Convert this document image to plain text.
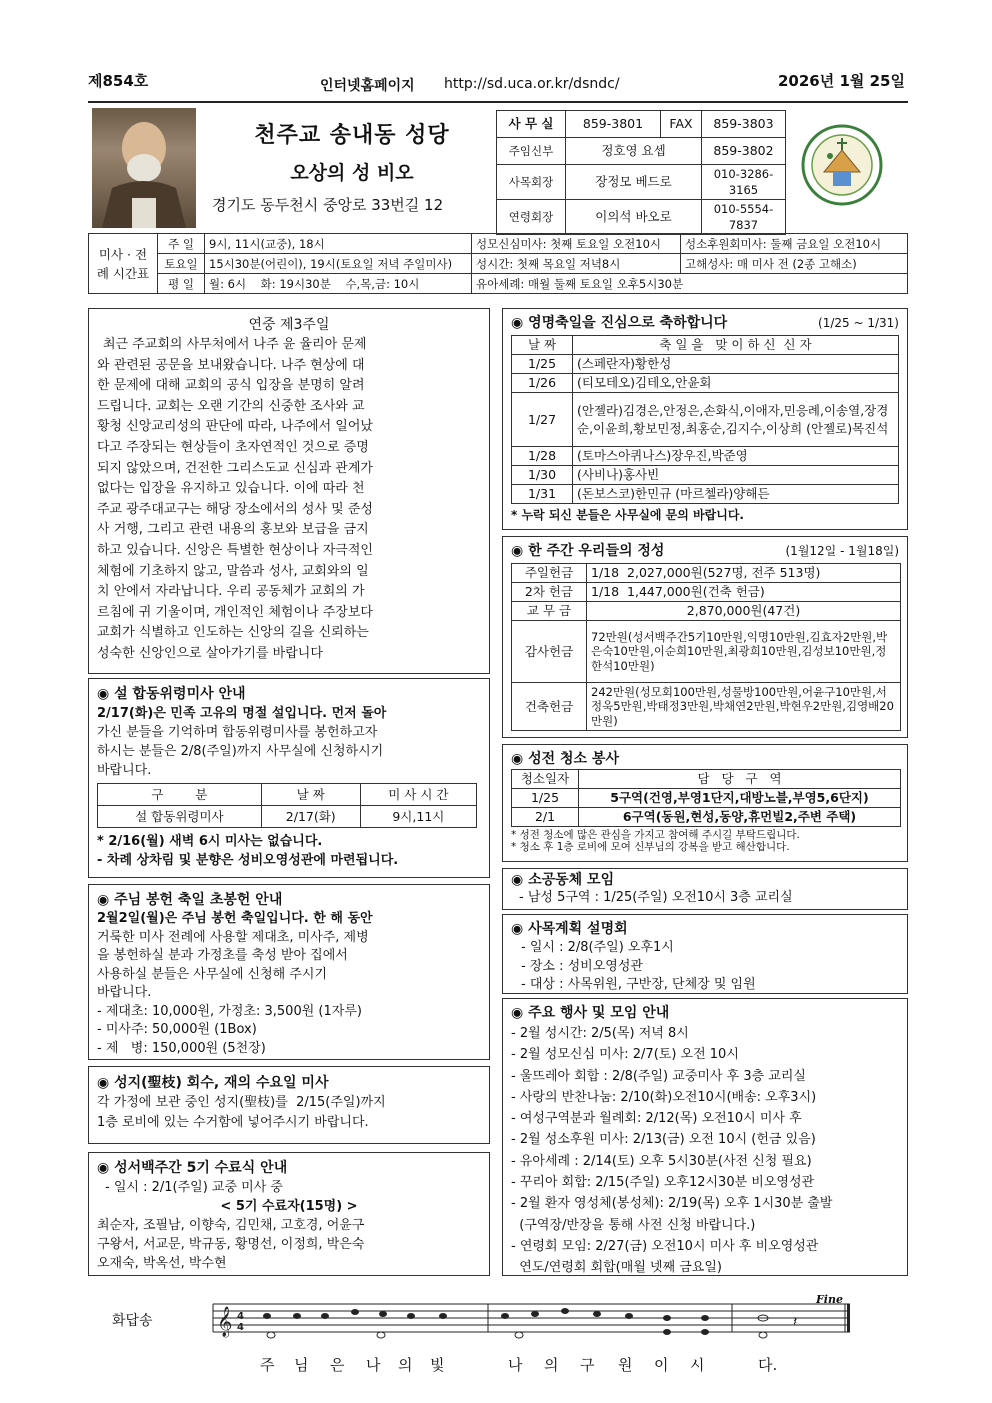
제854호	인터넷홈페이지 http://sd.uca.or.kr/dsndc/	2026년 1월 25일
천주교 송내동 성당
오상의 성 비오
경기도 동두천시 중앙로 33번길 12
사 무 실	859-3801	FAX	859-3803
주임신부	정호영 요셉		859-3802
사목회장	장정모 베드로		010-3286-3165
연령회장	이의석 바오로		010-5554-7837
미사 · 전례 시간표	주 일	9시, 11시(교중), 18시	성모신심미사: 첫째 토요일 오전10시	성소후원회미사: 둘째 금요일 오전10시
	토요일	15시30분(어린이), 19시(토요일 저녁 주일미사)	성시간: 첫째 목요일 저녁8시	고해성사: 매 미사 전 (2종 고해소)
	평 일	월: 6시    화: 19시30분    수,목,금: 10시	유아세례: 매월 둘째 토요일 오후5시30분	
연중 제3주일
최근 주교회의 사무처에서 나주 윤 율리아 문제
와 관련된 공문을 보내왔습니다. 나주 현상에 대
한 문제에 대해 교회의 공식 입장을 분명히 알려
드립니다. 교회는 오랜 기간의 신중한 조사와 교
황청 신앙교리성의 판단에 따라, 나주에서 일어났
다고 주장되는 현상들이 초자연적인 것으로 증명
되지 않았으며, 건전한 그리스도교 신심과 관계가
없다는 입장을 유지하고 있습니다. 이에 따라 천
주교 광주대교구는 해당 장소에서의 성사 및 준성
사 거행, 그리고 관련 내용의 홍보와 보급을 금지
하고 있습니다. 신앙은 특별한 현상이나 자극적인
체험에 기초하지 않고, 말씀과 성사, 교회와의 일
치 안에서 자라납니다. 우리 공동체가 교회의 가
르침에 귀 기울이며, 개인적인 체험이나 주장보다
교회가 식별하고 인도하는 신앙의 길을 신뢰하는
성숙한 신앙인으로 살아가기를 바랍니다
◉ 설 합동위령미사 안내
2/17(화)은 민족 고유의 명절 설입니다. 먼저 돌아
가신 분들을 기억하며 합동위령미사를 봉헌하고자
하시는 분들은 2/8(주일)까지 사무실에 신청하시기
바랍니다.
구        분	날 짜	미 사 시 간
설 합동위령미사	2/17(화)	9시,11시
* 2/16(월) 새벽 6시 미사는 없습니다.
- 차례 상차림 및 분향은 성비오영성관에 마련됩니다.
◉ 주님 봉헌 축일 초봉헌 안내
2월2일(월)은 주님 봉헌 축일입니다. 한 해 동안
거룩한 미사 전례에 사용할 제대초, 미사주, 제병
을 봉헌하실 분과 가정초를 축성 받아 집에서
사용하실 분들은 사무실에 신청해 주시기
바랍니다.
- 제대초: 10,000원, 가정초: 3,500원 (1자루)
- 미사주: 50,000원 (1Box)
- 제   병: 150,000원 (5천장)
◉ 성지(聖枝) 회수, 재의 수요일 미사
각 가정에 보관 중인 성지(聖枝)를  2/15(주일)까지
1층 로비에 있는 수거함에 넣어주시기 바랍니다.
◉ 성서백주간 5기 수료식 안내
- 일시 : 2/1(주일) 교중 미사 중
< 5기 수료자(15명) >
최순자, 조필남, 이향숙, 김민채, 고호경, 어윤구
구왕서, 서교문, 박규동, 황명선, 이정희, 박은숙
오재숙, 박옥선, 박수현
◉ 영명축일을 진심으로 축하합니다	(1/25 ~ 1/31)
날 짜	축 일 을   맞 이 하 신  신 자
1/25	(스페란자)황한성
1/26	(티모테오)김테오,안윤회
1/27	(안젤라)김경은,안정은,손화식,이애자,민응례,이송열,장경순,이윤희,황보민정,최홍순,김지수,이상희 (안젤로)목진석
1/28	(토마스아퀴나스)장우진,박준영
1/30	(사비나)홍사빈
1/31	(돈보스코)한민규 (마르첼라)양해든
* 누락 되신 분들은 사무실에 문의 바랍니다.
◉ 한 주간 우리들의 정성	(1월12일 - 1월18일)
주일헌금	1/18  2,027,000원(527명, 전주 513명)
2차 헌금	1/18  1,447,000원(건축 헌금)
교 무 금	2,870,000원(47건)
감사헌금	72만원(성서백주간5기10만원,익명10만원,김효자2만원,박은숙10만원,이순희10만원,최광희10만원,김성보10만원,정한석10만원)
건축헌금	242만원(성모회100만원,성물방100만원,어윤구10만원,서정욱5만원,박태정3만원,박채연2만원,박현우2만원,김영배20만원)
◉ 성전 청소 봉사
청소일자	담   당   구   역
1/25	5구역(건영,부영1단지,대방노블,부영5,6단지)
2/1	6구역(동원,현성,동양,휴먼빌2,주변 주택)
* 성전 청소에 많은 관심을 가지고 참여해 주시길 부탁드립니다.
* 청소 후 1층 로비에 모여 신부님의 강복을 받고 해산합니다.
◉ 소공동체 모임
- 남성 5구역 : 1/25(주일) 오전10시 3층 교리실
◉ 사목계획 설명회
- 일시 : 2/8(주일) 오후1시
- 장소 : 성비오영성관
- 대상 : 사목위원, 구반장, 단체장 및 임원
◉ 주요 행사 및 모임 안내
- 2월 성시간: 2/5(목) 저녁 8시
- 2월 성모신심 미사: 2/7(토) 오전 10시
- 울뜨레아 회합 : 2/8(주일) 교중미사 후 3층 교리실
- 사랑의 반찬나눔: 2/10(화)오전10시(배송: 오후3시)
- 여성구역분과 월례회: 2/12(목) 오전10시 미사 후
- 2월 성소후원 미사: 2/13(금) 오전 10시 (헌금 있음)
- 유아세례 : 2/14(토) 오후 5시30분(사전 신청 필요)
- 꾸리아 회합: 2/15(주일) 오후12시30분 비오영성관
- 2월 환자 영성체(봉성체): 2/19(목) 오후 1시30분 출발
(구역장/반장을 통해 사전 신청 바랍니다.)
- 연령회 모임: 2/27(금) 오전10시 미사 후 비오영성관
연도/연령회 회합(매월 넷째 금요일)
화답송 𝄞 4
4	𝄽
Fine
주 님 은 나 의 빛	나 의 구 원 이 시	다.
